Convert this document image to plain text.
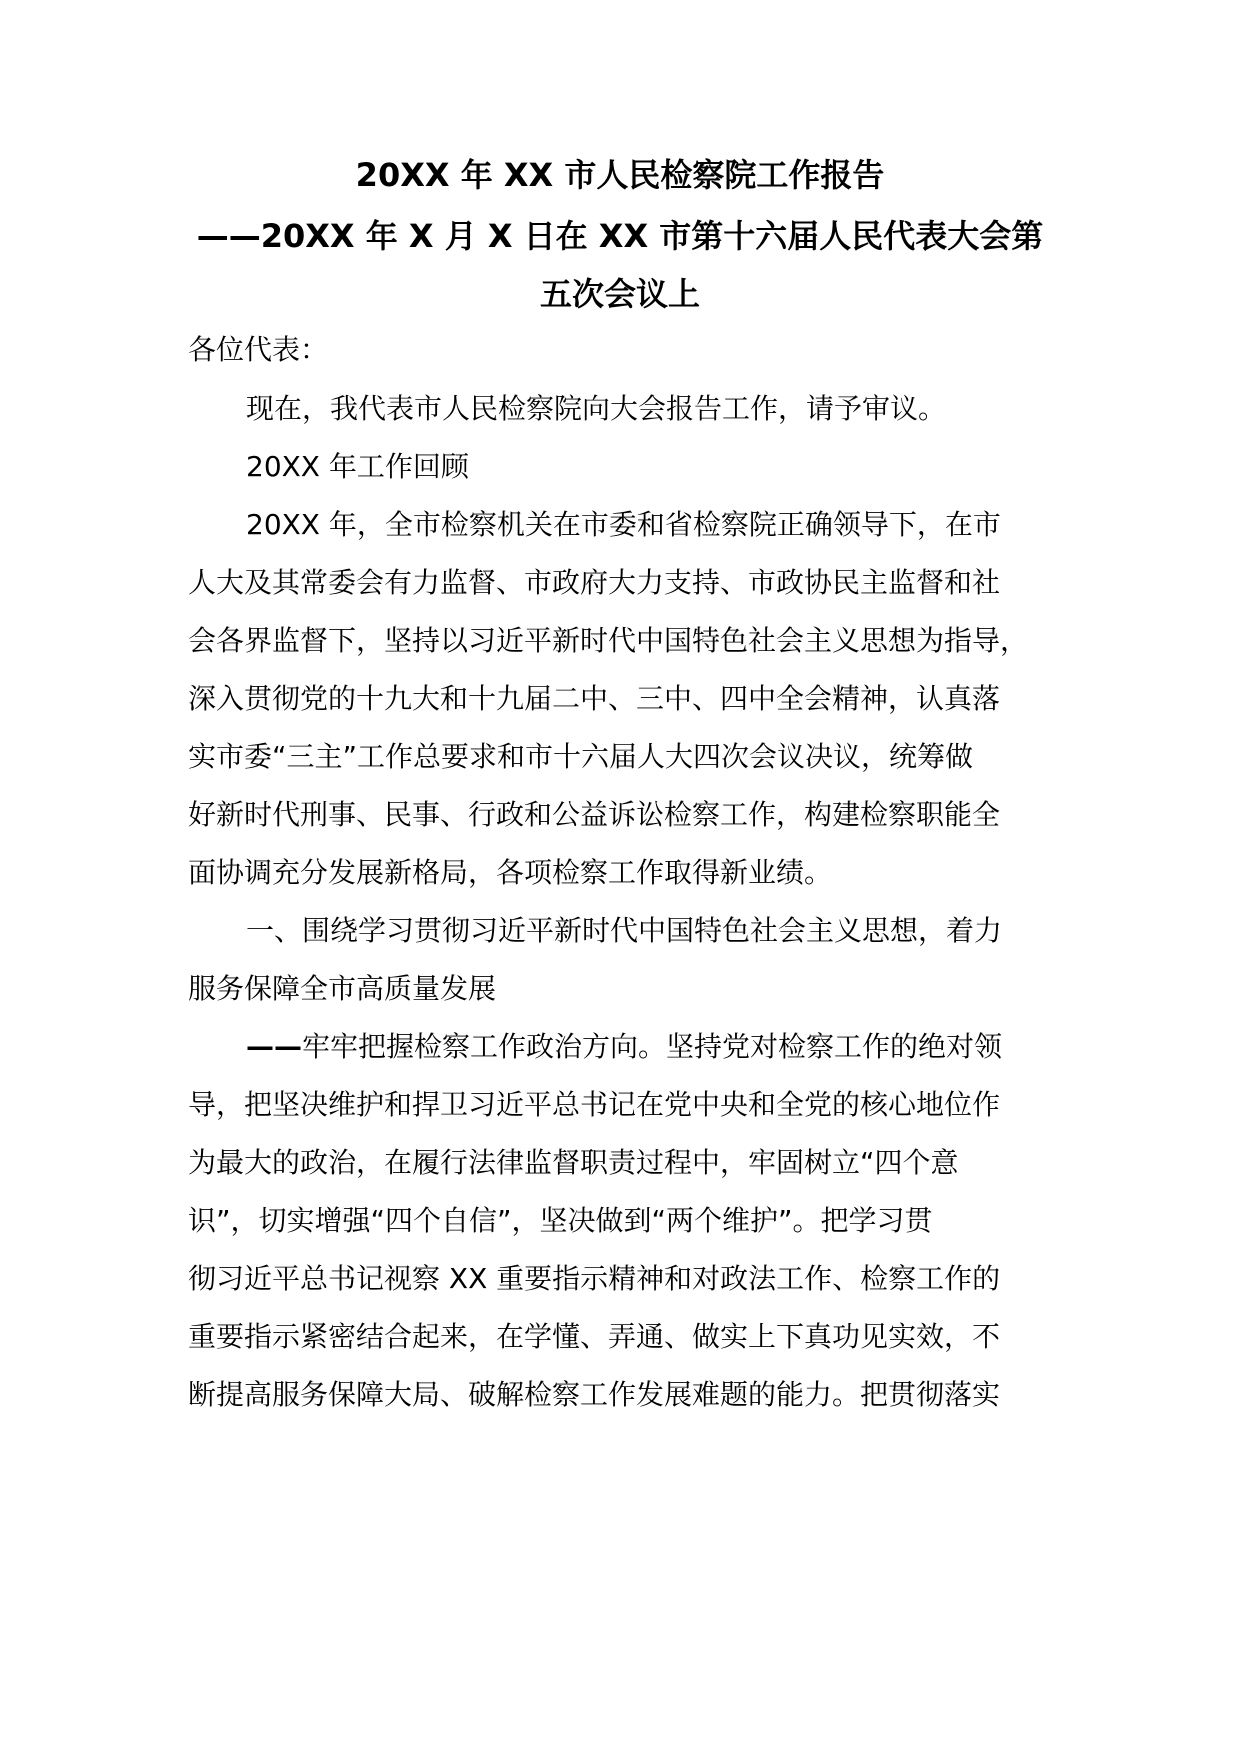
20XX 年 XX 市人民检察院工作报告
——20XX 年 X 月 X 日在 XX 市第十六届人民代表大会第
五次会议上
各位代表：
现在，我代表市人民检察院向大会报告工作，请予审议。
20XX 年工作回顾
20XX 年，全市检察机关在市委和省检察院正确领导下，在市
人大及其常委会有力监督、市政府大力支持、市政协民主监督和社
会各界监督下，坚持以习近平新时代中国特色社会主义思想为指导，
深入贯彻党的十九大和十九届二中、三中、四中全会精神，认真落
实市委“三主”工作总要求和市十六届人大四次会议决议，统筹做
好新时代刑事、民事、行政和公益诉讼检察工作，构建检察职能全
面协调充分发展新格局，各项检察工作取得新业绩。
一、围绕学习贯彻习近平新时代中国特色社会主义思想，着力
服务保障全市高质量发展
——牢牢把握检察工作政治方向。坚持党对检察工作的绝对领
导，把坚决维护和捍卫习近平总书记在党中央和全党的核心地位作
为最大的政治，在履行法律监督职责过程中，牢固树立“四个意
识”，切实增强“四个自信”，坚决做到“两个维护”。把学习贯
彻习近平总书记视察 XX 重要指示精神和对政法工作、检察工作的
重要指示紧密结合起来，在学懂、弄通、做实上下真功见实效，不
断提高服务保障大局、破解检察工作发展难题的能力。把贯彻落实
